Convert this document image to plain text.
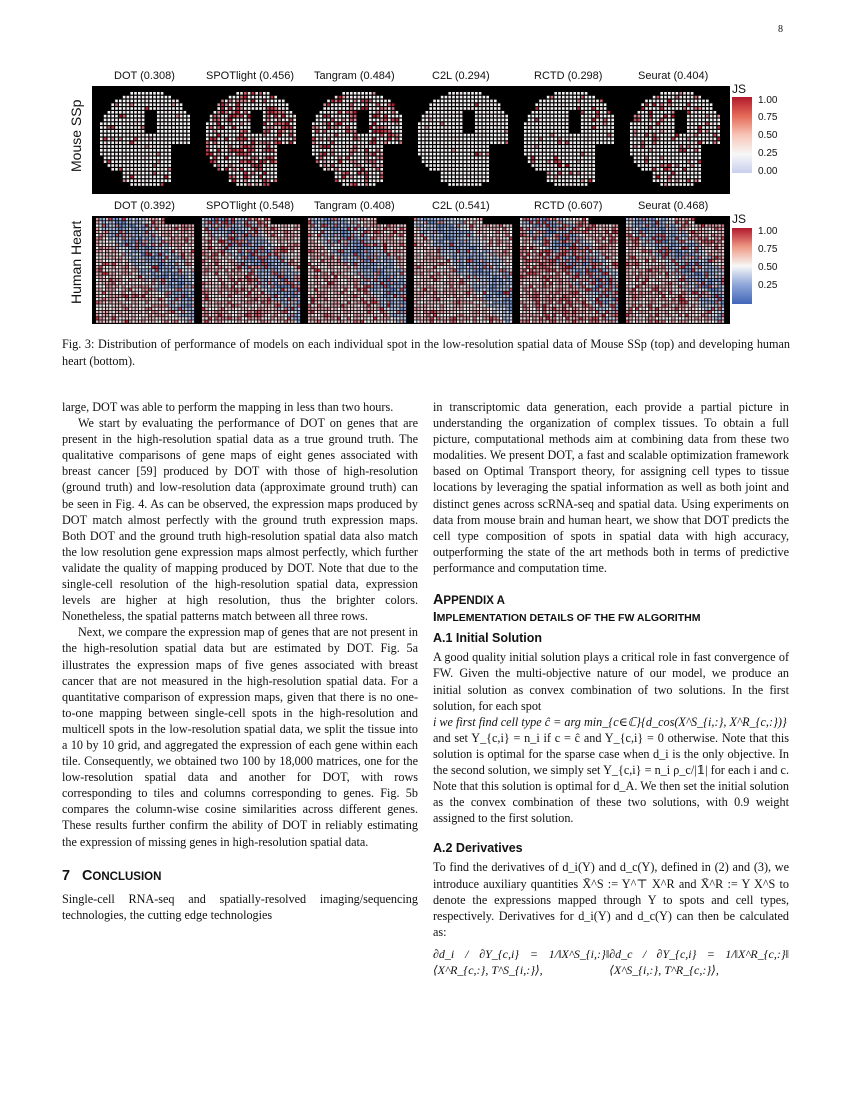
8
Mouse SSp
Human Heart
DOT (0.308)	SPOTlight (0.456) Tangram (0.484)	C2L (0.294)	RCTD (0.298)	Seurat (0.404)
JS
1.00
0.75
0.50
0.25
0.00
DOT (0.392)	SPOTlight (0.548) Tangram (0.408)	C2L (0.541)	RCTD (0.607)	Seurat (0.468)
JS
1.00
0.75
0.50
0.25
Fig. 3: Distribution of performance of models on each individual spot in the low-resolution spatial data of Mouse SSp (top) and developing human heart (bottom).

large, DOT was able to perform the mapping in less than two hours.

We start by evaluating the performance of DOT on genes that are present in the high-resolution spatial data as a true ground truth. The qualitative comparisons of gene maps of eight genes associated with breast cancer [59] produced by DOT with those of high-resolution (ground truth) and low-resolution data (approximate ground truth) can be seen in Fig. 4. As can be observed, the expression maps produced by DOT match almost perfectly with the ground truth expression maps. Both DOT and the ground truth high-resolution spatial data also match the low resolution gene expression maps almost perfectly, which further validate the quality of mapping produced by DOT. Note that due to the single-cell resolution of the high-resolution spatial data, expression levels are higher at high resolution, thus the brighter colors. Nonetheless, the spatial patterns match between all three rows.

Next, we compare the expression map of genes that are not present in the high-resolution spatial data but are estimated by DOT. Fig. 5a illustrates the expression maps of five genes associated with breast cancer that are not measured in the high-resolution spatial data. For a quantitative comparison of expression maps, given that there is no one-to-one mapping between single-cell spots in the high-resolution and multicell spots in the low-resolution spatial data, we split the tissue into a 10 by 10 grid, and aggregated the expression of each gene within each tile. Consequently, we obtained two 100 by 18,000 matrices, one for the low-resolution spatial data and another for DOT, with rows corresponding to tiles and columns corresponding to genes. Fig. 5b compares the column-wise cosine similarities across different genes. These results further confirm the ability of DOT in reliably estimating the expression of missing genes in high-resolution spatial data.

7 CONCLUSION

Single-cell RNA-seq and spatially-resolved imaging/sequencing technologies, the cutting edge technologies

in transcriptomic data generation, each provide a partial picture in understanding the organization of complex tissues. To obtain a full picture, computational methods aim at combining data from these two modalities. We present DOT, a fast and scalable optimization framework based on Optimal Transport theory, for assigning cell types to tissue locations by leveraging the spatial information as well as both joint and distinct genes across scRNA-seq and spatial data. Using experiments on data from mouse brain and human heart, we show that DOT predicts the cell type composition of spots in spatial data with high accuracy, outperforming the state of the art methods both in terms of predictive performance and computation time.

APPENDIX A
IMPLEMENTATION DETAILS OF THE FW ALGORITHM
A.1 Initial Solution

A good quality initial solution plays a critical role in fast convergence of FW. Given the multi-objective nature of our model, we produce an initial solution as convex combination of two solutions. In the first solution, for each spot

i we first find cell type ĉ = arg min_{c∈ℂ}{d_cos(X^S_{i,:}, X^R_{c,:})}

and set Y_{c,i} = n_i if c = ĉ and Y_{c,i} = 0 otherwise. Note that this solution is optimal for the sparse case when d_i is the only objective. In the second solution, we simply set Y_{c,i} = n_i ρ_c/|𝟙| for each i and c. Note that this solution is optimal for d_A. We then set the initial solution as the convex combination of these two solutions, with 0.9 weight assigned to the first solution.

A.2 Derivatives

To find the derivatives of d_i(Y) and d_c(Y), defined in (2) and (3), we introduce auxiliary quantities X̄^S := Y^⊤ X^R and X̄^R := Y X^S to denote the expressions mapped through Y to spots and cell types, respectively. Derivatives for d_i(Y) and d_c(Y) can then be calculated as:

∂d_i / ∂Y_{c,i} = 1/‖X^S_{i,:}‖ ⟨X^R_{c,:}, T^S_{i,:}⟩,
∂d_c / ∂Y_{c,i} = 1/‖X^R_{c,:}‖ ⟨X^S_{i,:}, T^R_{c,:}⟩,
